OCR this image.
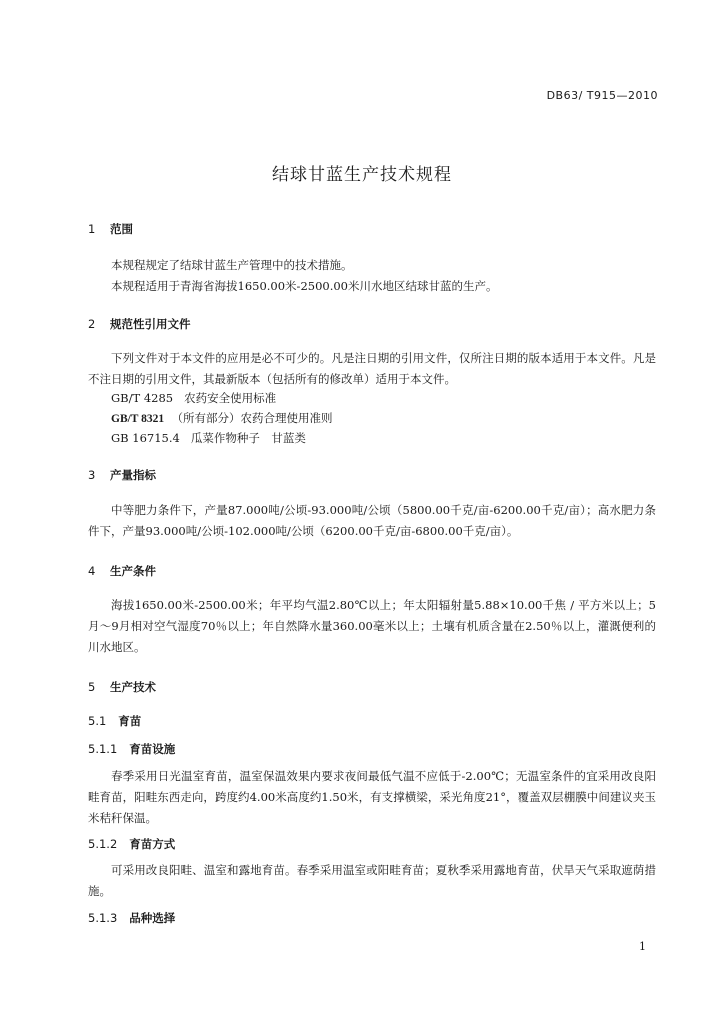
DB63/ T915—2010
结球甘蓝生产技术规程
1 范围
本规程规定了结球甘蓝生产管理中的技术措施。
本规程适用于青海省海拔1650.00米-2500.00米川水地区结球甘蓝的生产。
2 规范性引用文件
下列文件对于本文件的应用是必不可少的。凡是注日期的引用文件，仅所注日期的版本适用于本文件。凡是不注日期的引用文件，其最新版本（包括所有的修改单）适用于本文件。
GB/T 4285 农药安全使用标准
GB/T 8321 （所有部分）农药合理使用准则
GB 16715.4 瓜菜作物种子　甘蓝类
3 产量指标
中等肥力条件下，产量87.000吨/公顷-93.000吨/公顷（5800.00千克/亩-6200.00千克/亩）；高水肥力条件下，产量93.000吨/公顷-102.000吨/公顷（6200.00千克/亩-6800.00千克/亩）。
4 生产条件
海拔1650.00米-2500.00米；年平均气温2.80℃以上；年太阳辐射量5.88×10.00千焦 / 平方米以上；5月～9月相对空气湿度70％以上；年自然降水量360.00毫米以上；土壤有机质含量在2.50％以上，灌溉便利的川水地区。
5 生产技术
5.1 育苗
5.1.1 育苗设施
春季采用日光温室育苗，温室保温效果内要求夜间最低气温不应低于-2.00℃；无温室条件的宜采用改良阳畦育苗，阳畦东西走向，跨度约4.00米高度约1.50米，有支撑横梁，采光角度21°，覆盖双层棚膜中间建议夹玉米秸秆保温。
5.1.2 育苗方式
可采用改良阳畦、温室和露地育苗。春季采用温室或阳畦育苗；夏秋季采用露地育苗，伏旱天气采取遮荫措施。
5.1.3 品种选择
1
